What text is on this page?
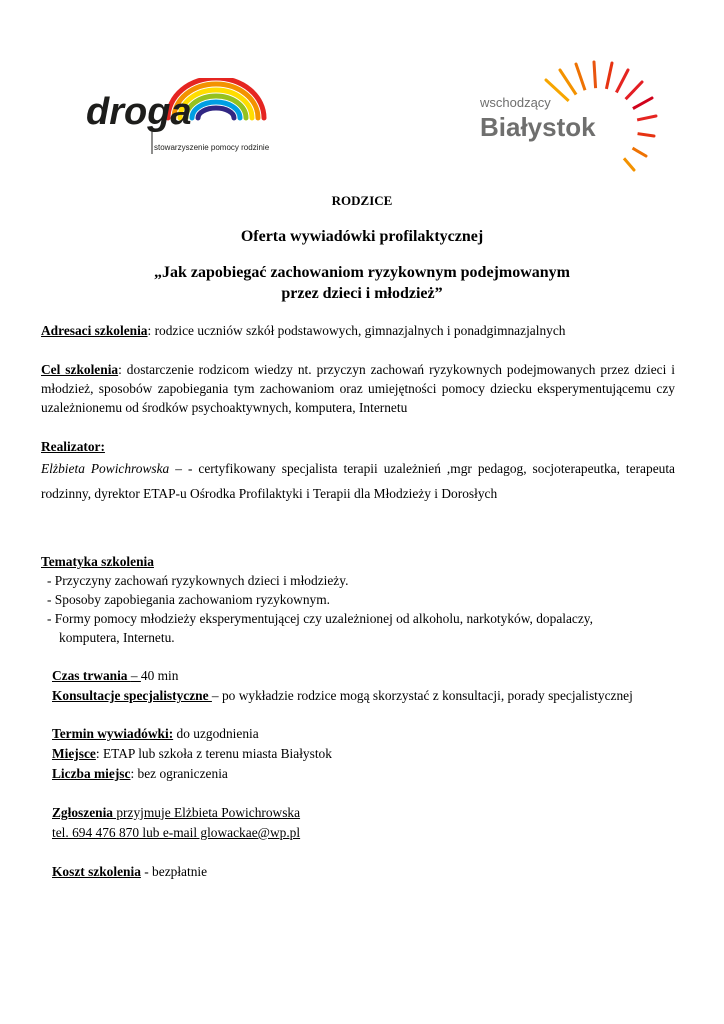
droga
stowarzyszenie pomocy rodzinie
wschodzący
Białystok
RODZICE
Oferta wywiadówki profilaktycznej
„Jak zapobiegać zachowaniom ryzykownym podejmowanym
przez dzieci i młodzież”
Adresaci szkolenia: rodzice uczniów szkół podstawowych, gimnazjalnych i ponadgimnazjalnych
Cel szkolenia: dostarczenie rodzicom wiedzy nt. przyczyn zachowań ryzykownych podejmowanych przez dzieci i młodzież, sposobów zapobiegania tym zachowaniom oraz umiejętności pomocy dziecku eksperymentującemu czy uzależnionemu od środków psychoaktywnych, komputera, Internetu
Realizator:
Elżbieta Powichrowska – - certyfikowany specjalista terapii uzależnień ,mgr pedagog, socjoterapeutka, terapeuta rodzinny, dyrektor ETAP-u Ośrodka Profilaktyki i Terapii dla Młodzieży i Dorosłych
Tematyka szkolenia
- Przyczyny zachowań ryzykownych dzieci i młodzieży.
- Sposoby zapobiegania zachowaniom ryzykownym.
- Formy pomocy młodzieży eksperymentującej czy uzależnionej od alkoholu, narkotyków, dopalaczy,
komputera, Internetu.
Czas trwania – 40 min
Konsultacje specjalistyczne – po wykładzie rodzice mogą skorzystać z konsultacji, porady specjalistycznej
Termin wywiadówki: do uzgodnienia
Miejsce: ETAP lub szkoła z terenu miasta Białystok
Liczba miejsc: bez ograniczenia
Zgłoszenia przyjmuje Elżbieta Powichrowska
tel. 694 476 870 lub e-mail glowackae@wp.pl
Koszt szkolenia - bezpłatnie
